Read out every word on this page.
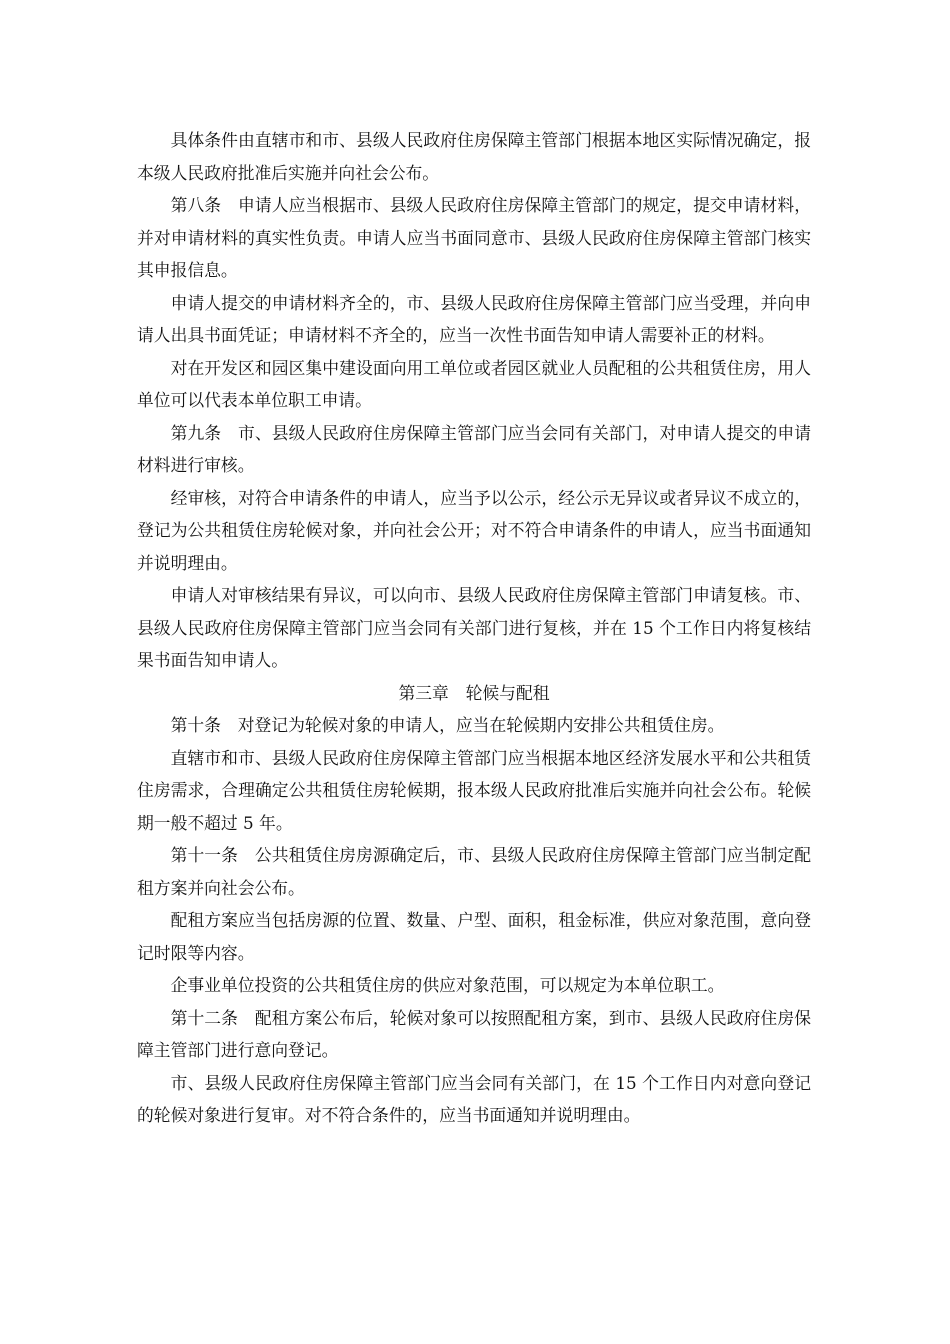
具体条件由直辖市和市、县级人民政府住房保障主管部门根据本地区实际情况确定，报本级人民政府批准后实施并向社会公布。

第八条　申请人应当根据市、县级人民政府住房保障主管部门的规定，提交申请材料，并对申请材料的真实性负责。申请人应当书面同意市、县级人民政府住房保障主管部门核实其申报信息。

申请人提交的申请材料齐全的，市、县级人民政府住房保障主管部门应当受理，并向申请人出具书面凭证；申请材料不齐全的，应当一次性书面告知申请人需要补正的材料。

对在开发区和园区集中建设面向用工单位或者园区就业人员配租的公共租赁住房，用人单位可以代表本单位职工申请。

第九条　市、县级人民政府住房保障主管部门应当会同有关部门，对申请人提交的申请材料进行审核。

经审核，对符合申请条件的申请人，应当予以公示，经公示无异议或者异议不成立的，登记为公共租赁住房轮候对象，并向社会公开；对不符合申请条件的申请人，应当书面通知并说明理由。

申请人对审核结果有异议，可以向市、县级人民政府住房保障主管部门申请复核。市、县级人民政府住房保障主管部门应当会同有关部门进行复核，并在 15 个工作日内将复核结果书面告知申请人。

第三章　轮候与配租

第十条　对登记为轮候对象的申请人，应当在轮候期内安排公共租赁住房。

直辖市和市、县级人民政府住房保障主管部门应当根据本地区经济发展水平和公共租赁住房需求，合理确定公共租赁住房轮候期，报本级人民政府批准后实施并向社会公布。轮候期一般不超过 5 年。

第十一条　公共租赁住房房源确定后，市、县级人民政府住房保障主管部门应当制定配租方案并向社会公布。

配租方案应当包括房源的位置、数量、户型、面积，租金标准，供应对象范围，意向登记时限等内容。

企事业单位投资的公共租赁住房的供应对象范围，可以规定为本单位职工。

第十二条　配租方案公布后，轮候对象可以按照配租方案，到市、县级人民政府住房保障主管部门进行意向登记。

市、县级人民政府住房保障主管部门应当会同有关部门，在 15 个工作日内对意向登记的轮候对象进行复审。对不符合条件的，应当书面通知并说明理由。
